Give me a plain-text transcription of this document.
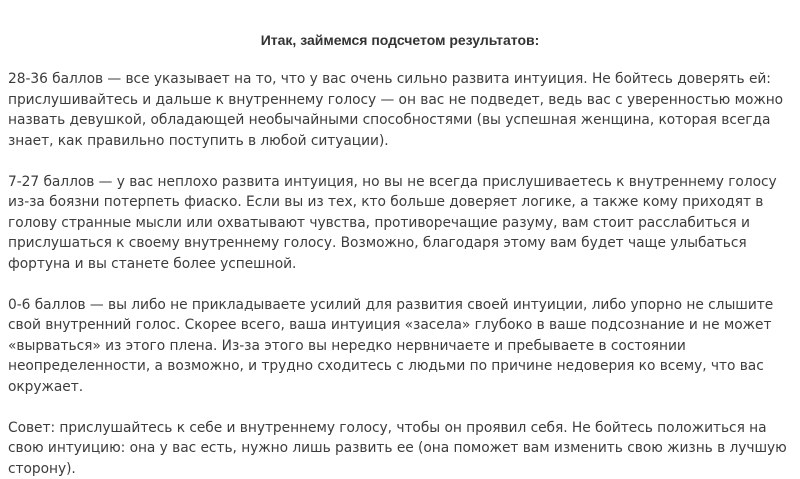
Итак, займемся подсчетом результатов:

28-36 баллов — все указывает на то, что у вас очень сильно развита интуиция. Не бойтесь доверять ей: прислушивайтесь и дальше к внутреннему голосу — он вас не подведет, ведь вас с уверенностью можно назвать девушкой, обладающей необычайными способностями (вы успешная женщина, которая всегда знает, как правильно поступить в любой ситуации).

7-27 баллов — у вас неплохо развита интуиция, но вы не всегда прислушиваетесь к внутреннему голосу из-за боязни потерпеть фиаско. Если вы из тех, кто больше доверяет логике, а также кому приходят в голову странные мысли или охватывают чувства, противоречащие разуму, вам стоит расслабиться и прислушаться к своему внутреннему голосу. Возможно, благодаря этому вам будет чаще улыбаться фортуна и вы станете более успешной.

0-6 баллов — вы либо не прикладываете усилий для развития своей интуиции, либо упорно не слышите свой внутренний голос. Скорее всего, ваша интуиция «засела» глубоко в ваше подсознание и не может «вырваться» из этого плена. Из-за этого вы нередко нервничаете и пребываете в состоянии неопределенности, а возможно, и трудно сходитесь с людьми по причине недоверия ко всему, что вас окружает.

Совет: прислушайтесь к себе и внутреннему голосу, чтобы он проявил себя. Не бойтесь положиться на свою интуицию: она у вас есть, нужно лишь развить ее (она поможет вам изменить свою жизнь в лучшую сторону).
